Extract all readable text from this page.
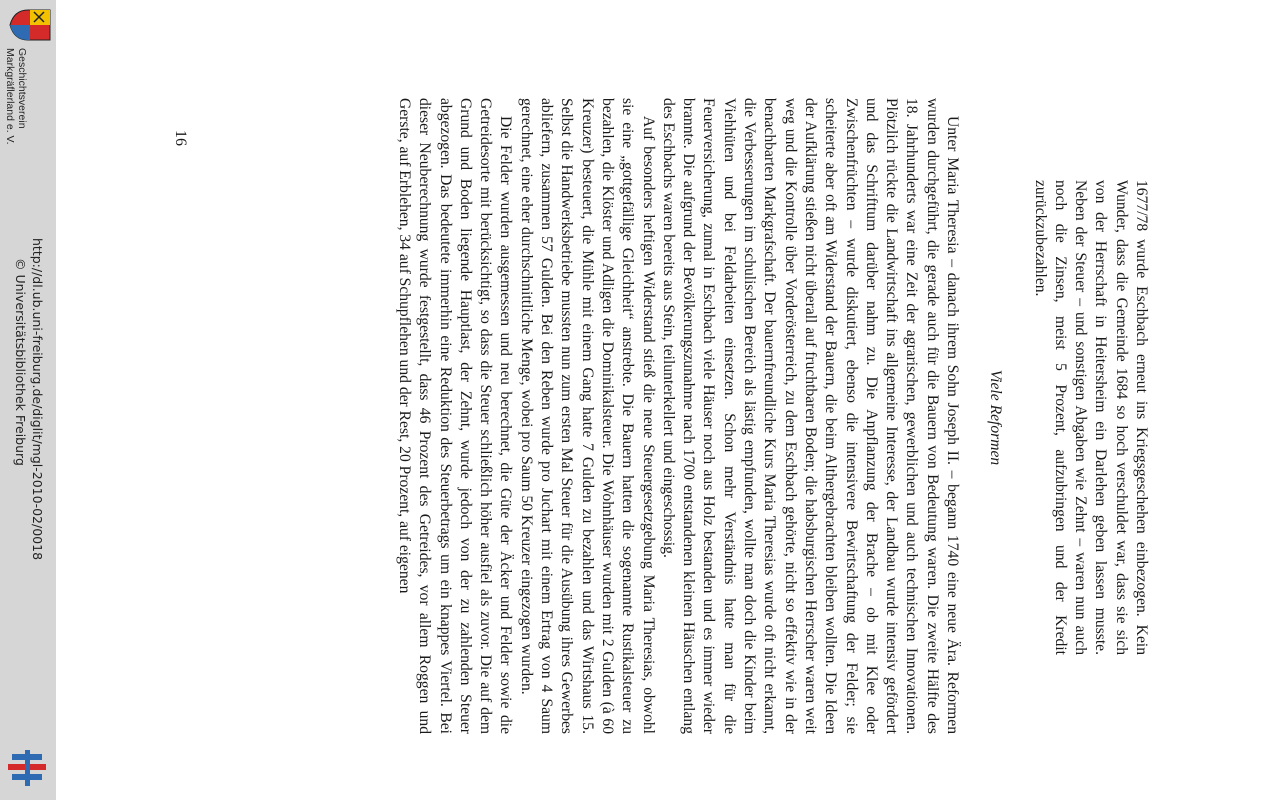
1677/78 wurde Eschbach erneut ins Kriegsgeschehen einbezogen. Kein Wunder, dass die Gemeinde 1684 so hoch verschuldet war, dass sie sich von der Herrschaft in Heitersheim ein Darlehen geben lassen musste. Neben der Steuer – und sonstigen Abgaben wie Zehnt – waren nun auch noch die Zinsen, meist 5 Prozent, aufzubringen und der Kredit zurückzubezahlen.

Viele Reformen

Unter Maria Theresia – danach ihrem Sohn Joseph II. – begann 1740 eine neue Ära. Reformen wurden durchgeführt, die gerade auch für die Bauern von Bedeutung waren. Die zweite Hälfte des 18. Jahrhunderts war eine Zeit der agrarischen, gewerblichen und auch technischen Innovationen. Plötzlich rückte die Landwirtschaft ins allgemeine Interesse, der Landbau wurde intensiv gefördert und das Schrifttum darüber nahm zu. Die Anpflanzung der Brache – ob mit Klee oder Zwischenfrüchten – wurde diskutiert, ebenso die intensivere Bewirtschaftung der Felder; sie scheiterte aber oft am Widerstand der Bauern, die beim Althergebrachten bleiben wollten. Die Ideen der Aufklärung stießen nicht überall auf fruchtbaren Boden; die habsburgischen Herrscher waren weit weg und die Kontrolle über Vorderösterreich, zu dem Eschbach gehörte, nicht so effektiv wie in der benachbarten Markgrafschaft. Der bauernfreundliche Kurs Maria Theresias wurde oft nicht erkannt, die Verbesserungen im schulischen Bereich als lästig empfunden, wollte man doch die Kinder beim Viehhüten und bei Feldarbeiten einsetzen. Schon mehr Verständnis hatte man für die Feuerversicherung, zumal in Eschbach viele Häuser noch aus Holz bestanden und es immer wieder brannte. Die aufgrund der Bevölkerungszunahme nach 1700 entstandenen kleinen Häuschen entlang des Eschbachs waren bereits aus Stein, teilunterkellert und eingeschossig.

Auf besonders heftigen Widerstand stieß die neue Steuergesetzgebung Maria Theresias, obwohl sie eine „gottgefällige Gleichheit“ anstrebte. Die Bauern hatten die sogenannte Rustikalsteuer zu bezahlen, die Klöster und Adligen die Dominikalsteuer. Die Wohnhäuser wurden mit 2 Gulden (à 60 Kreuzer) besteuert, die Mühle mit einem Gang hatte 7 Gulden zu bezahlen und das Wirtshaus 15. Selbst die Handwerksbetriebe mussten nun zum ersten Mal Steuer für die Ausübung ihres Gewerbes abliefern, zusammen 57 Gulden. Bei den Reben wurde pro Juchart mit einem Ertrag von 4 Saum gerechnet, eine eher durchschnittliche Menge, wobei pro Saum 50 Kreuzer eingezogen wurden.

Die Felder wurden ausgemessen und neu berechnet, die Güte der Äcker und Felder sowie die Getreidesorte mit berücksichtigt, so dass die Steuer schließlich höher ausfiel als zuvor. Die auf dem Grund und Boden liegende Hauptlast, der Zehnt, wurde jedoch von der zu zahlenden Steuer abgezogen. Das bedeutete immerhin eine Reduktion des Steuerbetrags um ein knappes Viertel. Bei dieser Neuberechnung wurde festgestellt, dass 46 Prozent des Getreides, vor allem Roggen und Gerste, auf Erblehen, 34 auf Schupflehen und der Rest, 20 Prozent, auf eigenen

16
Geschichtsverein
Markgräflerland e. V.
http://dl.ub.uni-freiburg.de/diglit/mgl-2010-02/0018
© Universitätsbibliothek Freiburg
